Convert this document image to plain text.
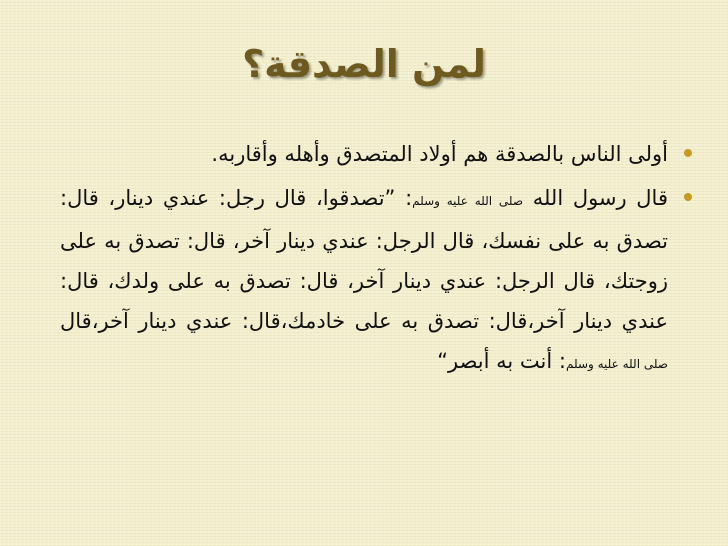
لمن الصدقة؟
أولى الناس بالصدقة هم أولاد المتصدق وأهله وأقاربه.
قال رسول الله صلى الله عليه وسلم: ”تصدقوا، قال رجل: عندي دينار، قال: تصدق به على نفسك، قال الرجل: عندي دينار آخر، قال: تصدق به على زوجتك، قال الرجل: عندي دينار آخر، قال: تصدق به على ولدك، قال: عندي دينار آخر،قال: تصدق به على خادمك،قال: عندي دينار آخر،قال صلى الله عليه وسلم: أنت به أبصر“
